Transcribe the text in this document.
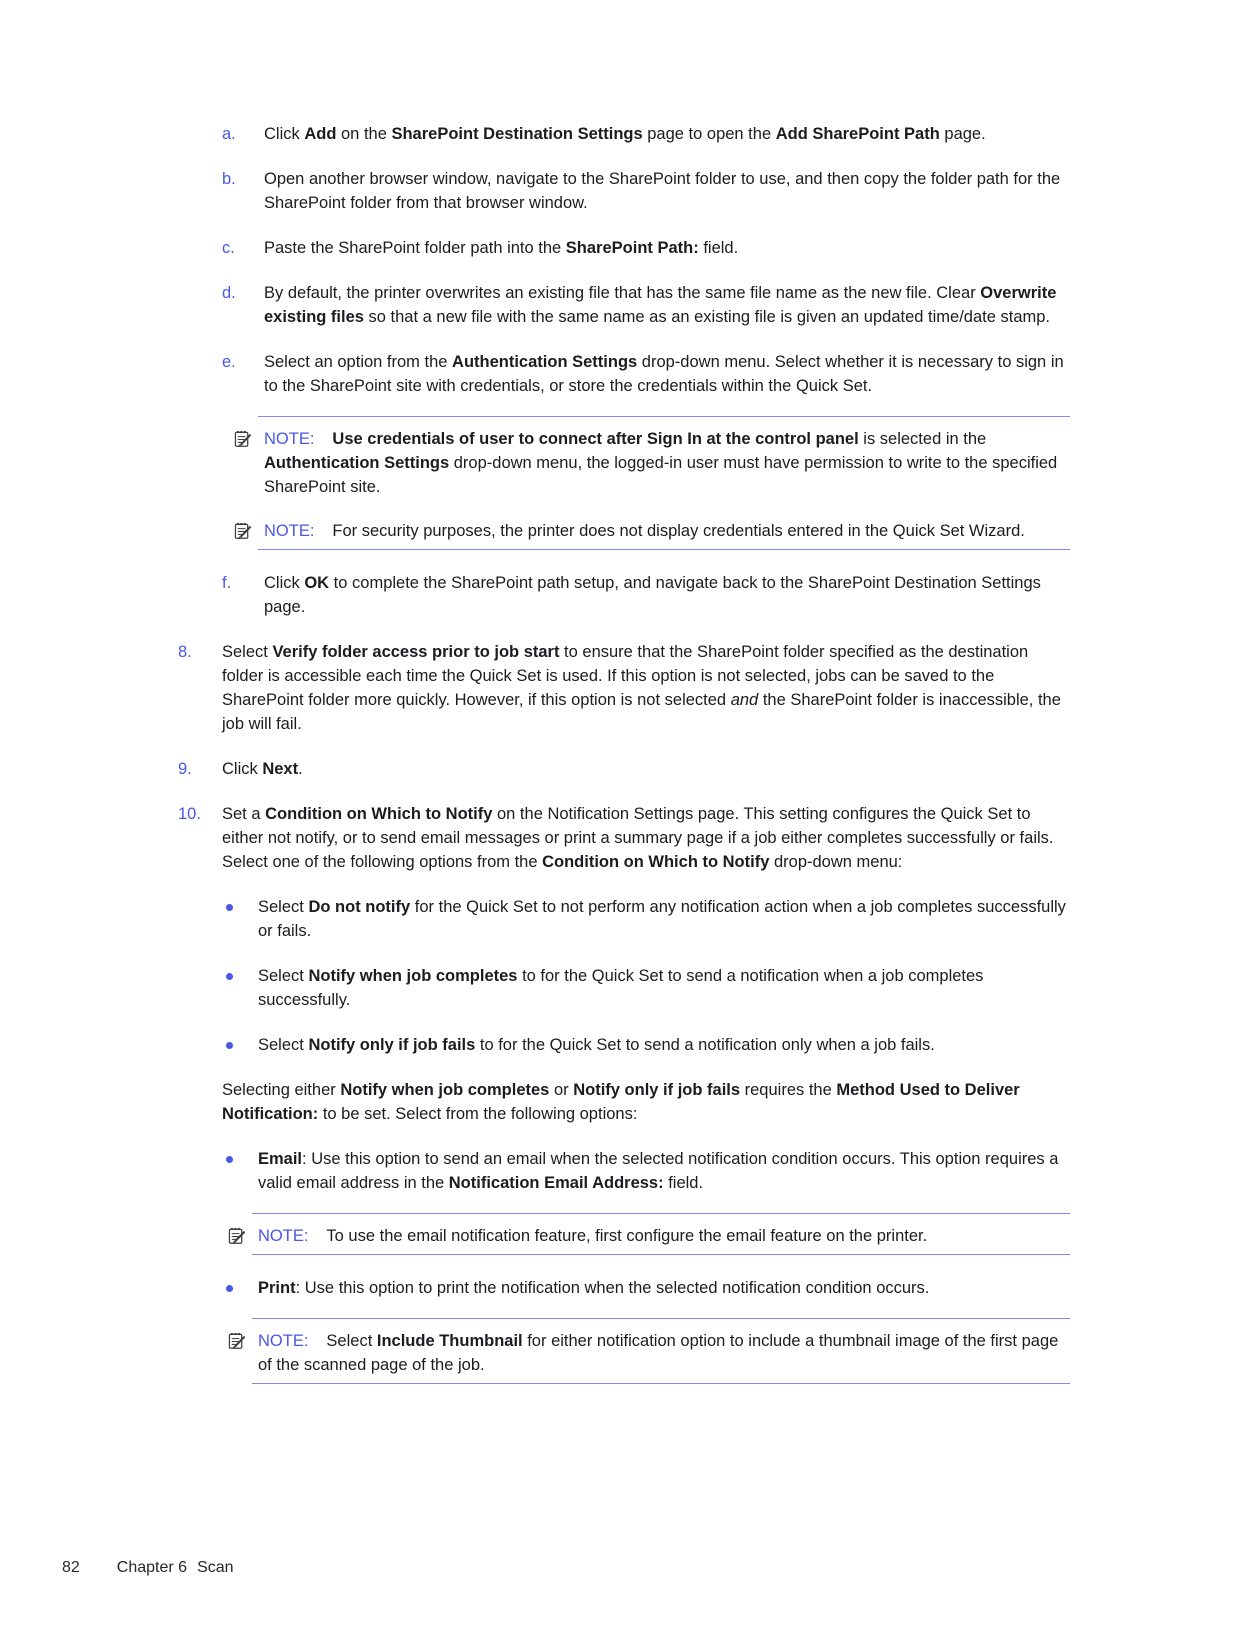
a.	Click Add on the SharePoint Destination Settings page to open the Add SharePoint Path page.
b.	Open another browser window, navigate to the SharePoint folder to use, and then copy the folder path for the SharePoint folder from that browser window.
c.	Paste the SharePoint folder path into the SharePoint Path: field.
d.	By default, the printer overwrites an existing file that has the same file name as the new file. Clear Overwrite existing files so that a new file with the same name as an existing file is given an updated time/date stamp.
e.	Select an option from the Authentication Settings drop-down menu. Select whether it is necessary to sign in to the SharePoint site with credentials, or store the credentials within the Quick Set.
NOTE: Use credentials of user to connect after Sign In at the control panel is selected in the Authentication Settings drop-down menu, the logged-in user must have permission to write to the specified SharePoint site.
NOTE: For security purposes, the printer does not display credentials entered in the Quick Set Wizard.
f.	Click OK to complete the SharePoint path setup, and navigate back to the SharePoint Destination Settings page.
8.	Select Verify folder access prior to job start to ensure that the SharePoint folder specified as the destination folder is accessible each time the Quick Set is used. If this option is not selected, jobs can be saved to the SharePoint folder more quickly. However, if this option is not selected and the SharePoint folder is inaccessible, the job will fail.
9.	Click Next.
10.	Set a Condition on Which to Notify on the Notification Settings page. This setting configures the Quick Set to either not notify, or to send email messages or print a summary page if a job either completes successfully or fails. Select one of the following options from the Condition on Which to Notify drop-down menu:
Select Do not notify for the Quick Set to not perform any notification action when a job completes successfully or fails.
Select Notify when job completes to for the Quick Set to send a notification when a job completes successfully.
Select Notify only if job fails to for the Quick Set to send a notification only when a job fails.
Selecting either Notify when job completes or Notify only if job fails requires the Method Used to Deliver Notification: to be set. Select from the following options:
Email: Use this option to send an email when the selected notification condition occurs. This option requires a valid email address in the Notification Email Address: field.
NOTE: To use the email notification feature, first configure the email feature on the printer.
Print: Use this option to print the notification when the selected notification condition occurs.
NOTE: Select Include Thumbnail for either notification option to include a thumbnail image of the first page of the scanned page of the job.
82 Chapter 6 Scan
